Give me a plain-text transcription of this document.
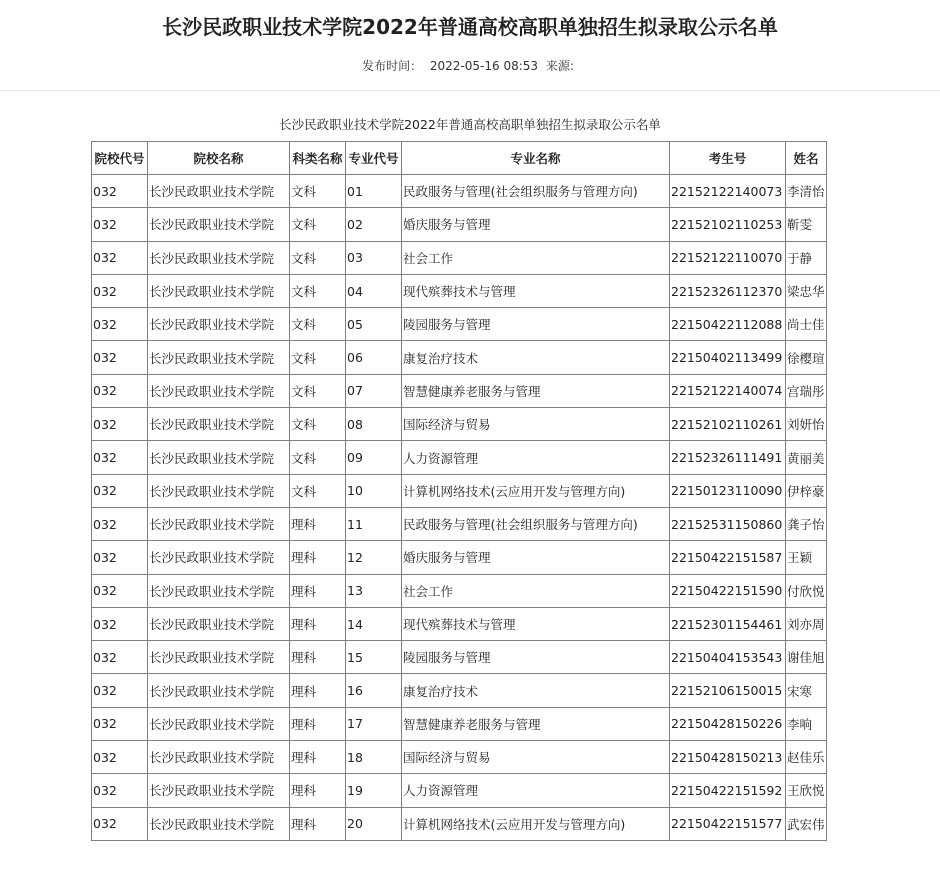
长沙民政职业技术学院2022年普通高校高职单独招生拟录取公示名单
发布时间： 2022-05-16 08:53 来源:
长沙民政职业技术学院2022年普通高校高职单独招生拟录取公示名单
院校代号	院校名称	科类名称	专业代号	专业名称	考生号	姓名
032	长沙民政职业技术学院	文科	01	民政服务与管理(社会组织服务与管理方向)	22152122140073	李清怡
032	长沙民政职业技术学院	文科	02	婚庆服务与管理	22152102110253	靳雯
032	长沙民政职业技术学院	文科	03	社会工作	22152122110070	于静
032	长沙民政职业技术学院	文科	04	现代殡葬技术与管理	22152326112370	梁忠华
032	长沙民政职业技术学院	文科	05	陵园服务与管理	22150422112088	尚士佳
032	长沙民政职业技术学院	文科	06	康复治疗技术	22150402113499	徐樱瑄
032	长沙民政职业技术学院	文科	07	智慧健康养老服务与管理	22152122140074	宫瑞彤
032	长沙民政职业技术学院	文科	08	国际经济与贸易	22152102110261	刘妍怡
032	长沙民政职业技术学院	文科	09	人力资源管理	22152326111491	黄丽美
032	长沙民政职业技术学院	文科	10	计算机网络技术(云应用开发与管理方向)	22150123110090	伊梓豪
032	长沙民政职业技术学院	理科	11	民政服务与管理(社会组织服务与管理方向)	22152531150860	龚子怡
032	长沙民政职业技术学院	理科	12	婚庆服务与管理	22150422151587	王颖
032	长沙民政职业技术学院	理科	13	社会工作	22150422151590	付欣悦
032	长沙民政职业技术学院	理科	14	现代殡葬技术与管理	22152301154461	刘亦周
032	长沙民政职业技术学院	理科	15	陵园服务与管理	22150404153543	谢佳旭
032	长沙民政职业技术学院	理科	16	康复治疗技术	22152106150015	宋寒
032	长沙民政职业技术学院	理科	17	智慧健康养老服务与管理	22150428150226	李响
032	长沙民政职业技术学院	理科	18	国际经济与贸易	22150428150213	赵佳乐
032	长沙民政职业技术学院	理科	19	人力资源管理	22150422151592	王欣悦
032	长沙民政职业技术学院	理科	20	计算机网络技术(云应用开发与管理方向)	22150422151577	武宏伟
